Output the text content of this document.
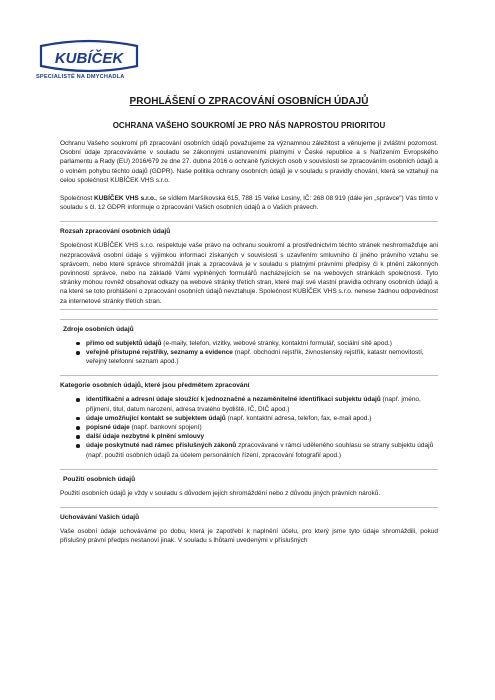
KUBÍČEK
SPECIALISTÉ NA DMYCHADLA
PROHLÁŠENÍ O ZPRACOVÁNÍ OSOBNÍCH ÚDAJŮ
OCHRANA VAŠEHO SOUKROMÍ JE PRO NÁS NAPROSTOU PRIORITOU

Ochranu Vašeho soukromí při zpracování osobních údajů považujeme za významnou záležitost a věnujeme jí zvláštní pozornost. Osobní údaje zpracováváme v souladu se zákonnými ustanoveními platnými v České republice a s Nařízením Evropského parlamentu a Rady (EU) 2016/679 ze dne 27. dubna 2016 o ochraně fyzických osob v souvislosti se zpracováním osobních údajů a o volném pohybu těchto údajů (GDPR). Naše politika ochrany osobních údajů je v souladu s pravidly chování, která se vztahují na celou společnost KUBÍČEK VHS s.r.o.

Společnost KUBÍČEK VHS s.r.o., se sídlem Maršíkovská 615, 788 15 Velké Losiny, IČ: 268 08 919 (dále jen „správce") Vás tímto v souladu s čl. 12 GDPR informuje o zpracování Vašich osobních údajů a o Vašich právech.

Rozsah zpracování osobních údajů

Společnost KUBÍČEK VHS s.r.o. respektuje vaše právo na ochranu soukromí a prostřednictvím těchto stránek neshromažďuje ani nezpracovává osobní údaje s výjimkou informací získaných v souvislosti s uzavřením smluvního či jiného právního vztahu se správcem, nebo které správce shromáždil jinak a zpracovává je v souladu s platnými právními předpisy či k plnění zákonných povinností správce, nebo na základě Vámi vyplněných formulářů nacházejících se na webových stránkách společnosti. Tyto stránky mohou rovněž obsahovat odkazy na webové stránky třetích stran, které mají své vlastní pravidla ochrany osobních údajů a na které se toto prohlášení o zpracování osobních údajů nevztahuje. Společnost KUBÍČEK VHS s.r.o. nenese žádnou odpovědnost za internetové stránky třetích stran.

Zdroje osobních údajů
přímo od subjektů údajů (e-maily, telefon, vizitky, webové stránky, kontaktní formulář, sociální sítě apod.)
veřejně přístupné rejstříky, seznamy a evidence (např. obchodní rejstřík, živnostenský rejstřík, katastr nemovitostí, veřejný telefonní seznam apod.)
Kategorie osobních údajů, které jsou předmětem zpracování
identifikační a adresní údaje sloužící k jednoznačné a nezaměnitelné identifikaci subjektu údajů (např. jméno, příjmení, titul, datum narození, adresa trvalého bydliště, IČ, DIČ apod.)
údaje umožňující kontakt se subjektem údajů (např. kontaktní adresa, telefon, fax, e-mail apod.)
popisné údaje (např. bankovní spojení)
další údaje nezbytné k plnění smlouvy
údaje poskytnuté nad rámec příslušných zákonů zpracovávané v rámci uděleného souhlasu se strany subjektu údajů (např. použití osobních údajů za účelem personálních řízení, zpracování fotografií apod.)
Použití osobních údajů

Použití osobních údajů je vždy v souladu s důvodem jejich shromáždění nebo z důvodu jiných právních nároků.

Uchovávání Vašich údajů

Vaše osobní údaje uchováváme po dobu, která je zapotřebí k naplnění účelu, pro který jsme tyto údaje shromáždili, pokud příslušný právní předpis nestanoví jinak. V souladu s lhůtami uvedenými v příslušných
